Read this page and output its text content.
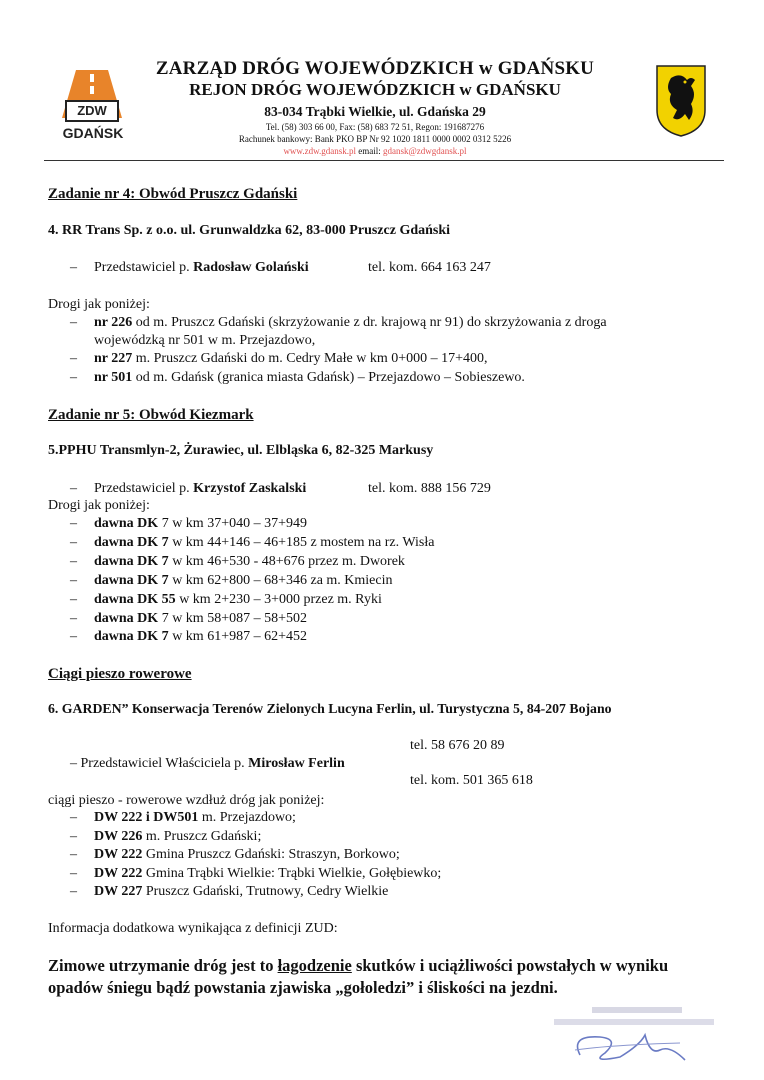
ZDW
GDAŃSK
ZARZĄD DRÓG WOJEWÓDZKICH w GDAŃSKU
REJON DRÓG WOJEWÓDZKICH w GDAŃSKU
83-034 Trąbki Wielkie, ul. Gdańska 29
Tel. (58) 303 66 00, Fax: (58) 683 72 51, Regon: 191687276
Rachunek bankowy: Bank PKO BP Nr 92 1020 1811 0000 0002 0312 5226
www.zdw.gdansk.pl email: gdansk@zdwgdansk.pl
Zadanie nr 4: Obwód Pruszcz Gdański
4. RR Trans Sp. z o.o. ul. Grunwaldzka 62, 83-000 Pruszcz Gdański
– Przedstawiciel p. Radosław Golański	tel. kom. 664 163 247
Drogi jak poniżej:
– nr 226 od m. Pruszcz Gdański (skrzyżowanie z dr. krajową nr 91) do skrzyżowania z droga
wojewódzką nr 501 w m. Przejazdowo,
– nr 227 m. Pruszcz Gdański do m. Cedry Małe w km 0+000 – 17+400,
– nr 501 od m. Gdańsk (granica miasta Gdańsk) – Przejazdowo – Sobieszewo.
Zadanie nr 5: Obwód Kiezmark
5.PPHU Transmlyn-2, Żurawiec, ul. Elbląska 6, 82-325 Markusy
– Przedstawiciel p. Krzystof Zaskalski	tel. kom. 888 156 729
Drogi jak poniżej:
– dawna DK 7 w km 37+040 – 37+949
– dawna DK 7 w km 44+146 – 46+185 z mostem na rz. Wisła
– dawna DK 7 w km 46+530 - 48+676 przez m. Dworek
– dawna DK 7 w km 62+800 – 68+346 za m. Kmiecin
– dawna DK 55 w km 2+230 – 3+000 przez m. Ryki
– dawna DK 7 w km 58+087 – 58+502
– dawna DK 7 w km 61+987 – 62+452
Ciągi pieszo rowerowe
6. GARDEN” Konserwacja Terenów Zielonych Lucyna Ferlin, ul. Turystyczna 5, 84-207 Bojano
tel. 58 676 20 89
– Przedstawiciel Właściciela p. Mirosław Ferlin
tel. kom. 501 365 618
ciągi pieszo - rowerowe wzdłuż dróg jak poniżej:
– DW 222 i DW501 m. Przejazdowo;
– DW 226 m. Pruszcz Gdański;
– DW 222 Gmina Pruszcz Gdański: Straszyn, Borkowo;
– DW 222 Gmina Trąbki Wielkie: Trąbki Wielkie, Gołębiewko;
– DW 227 Pruszcz Gdański, Trutnowy, Cedry Wielkie
Informacja dodatkowa wynikająca z definicji ZUD:
Zimowe utrzymanie dróg jest to łagodzenie skutków i uciążliwości powstałych w wyniku
opadów śniegu bądź powstania zjawiska „gołoledzi” i śliskości na jezdni.
